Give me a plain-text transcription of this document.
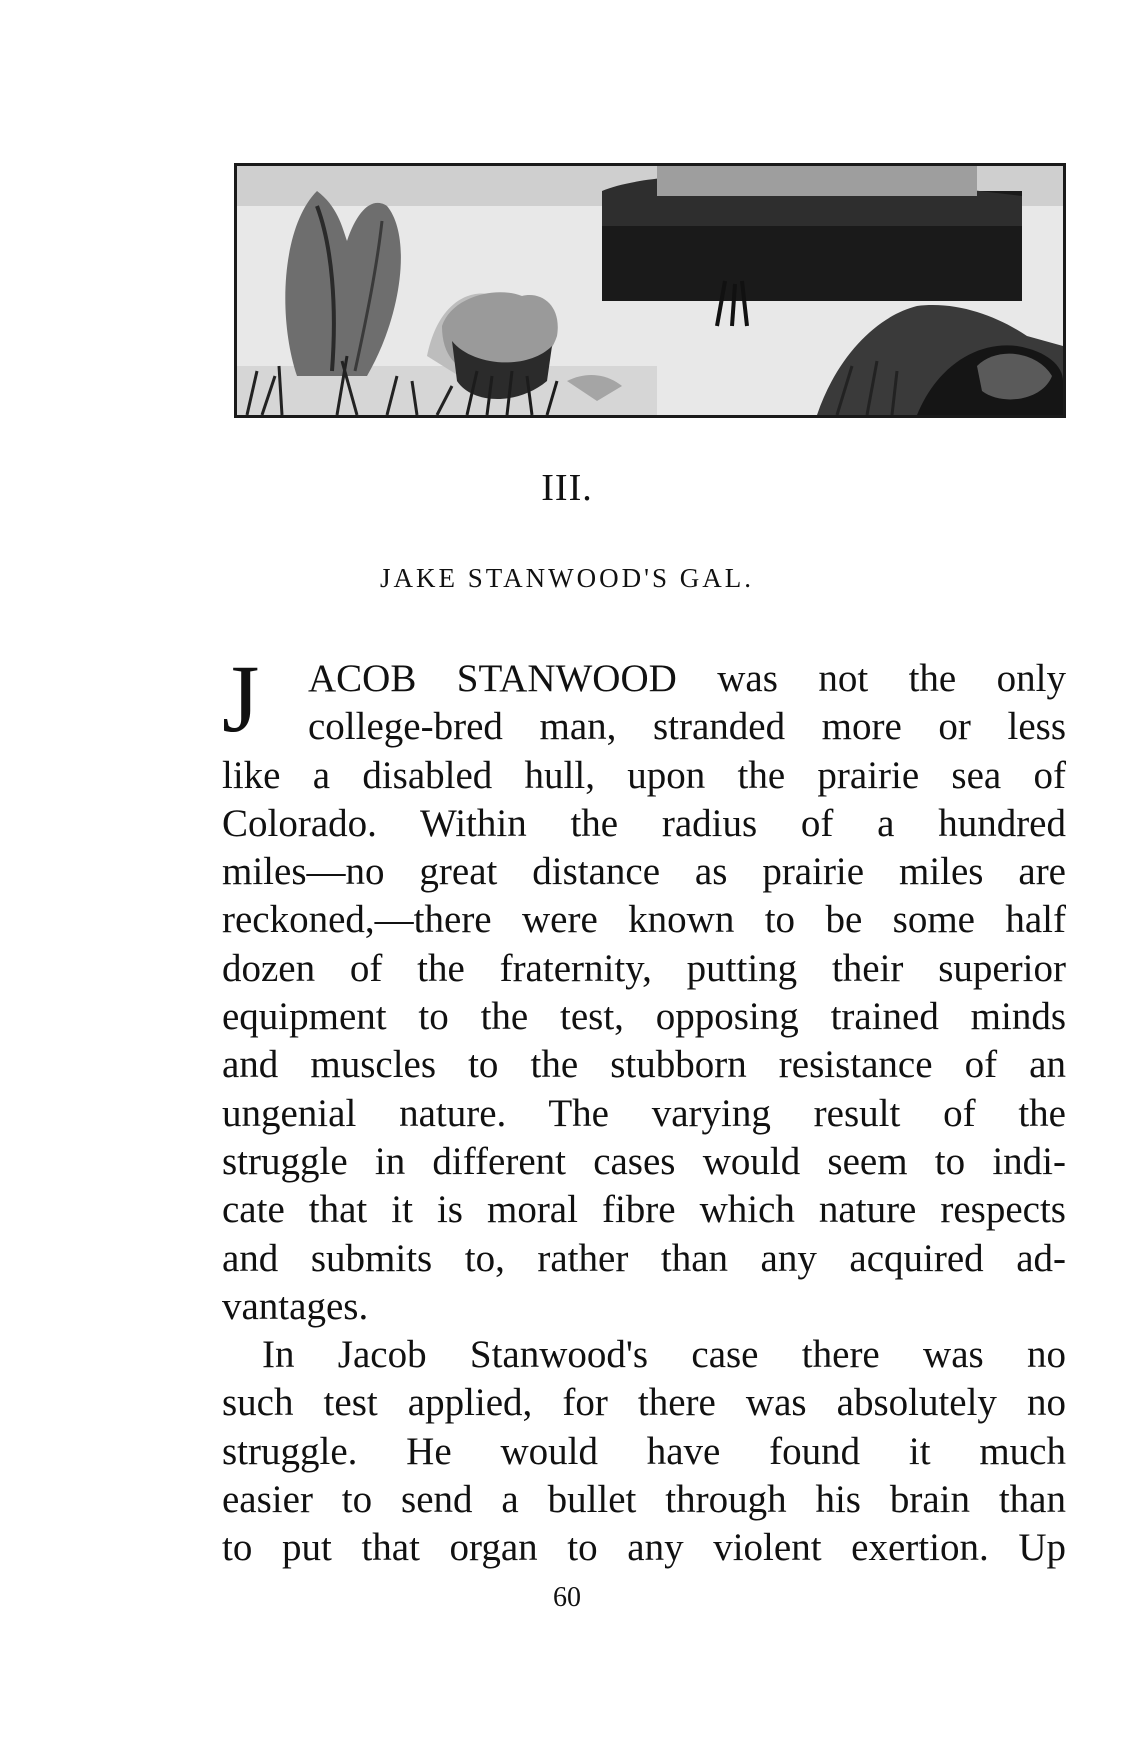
III.
JAKE STANWOOD'S GAL.
J	ACOB STANWOOD was not the only
college-bred man, stranded more or less
like a disabled hull, upon the prairie sea of
Colorado. Within the radius of a hundred
miles—no great distance as prairie miles are
reckoned,—there were known to be some half
dozen of the fraternity, putting their superior
equipment to the test, opposing trained minds
and muscles to the stubborn resistance of an
ungenial nature. The varying result of the
struggle in different cases would seem to indi-
cate that it is moral fibre which nature respects
and submits to, rather than any acquired ad-
vantages.
In Jacob Stanwood's case there was no
such test applied, for there was absolutely no
struggle. He would have found it much
easier to send a bullet through his brain than
to put that organ to any violent exertion. Up
60
